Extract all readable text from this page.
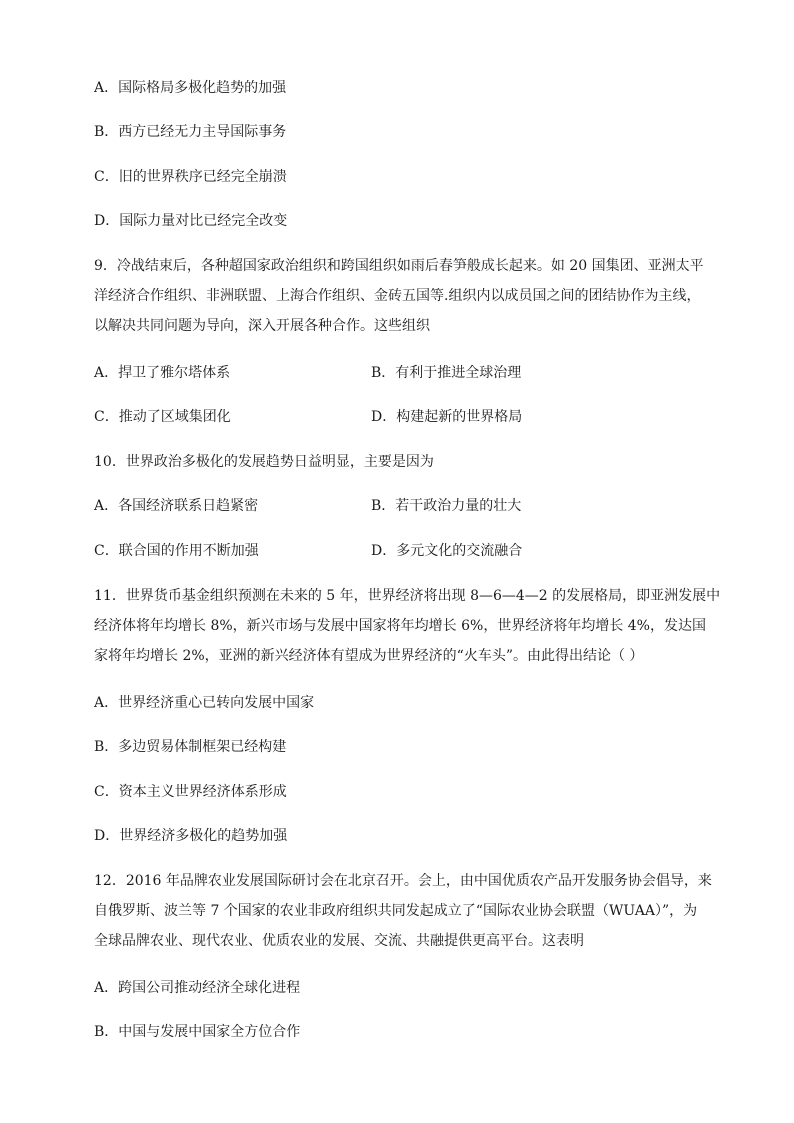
A．国际格局多极化趋势的加强
B．西方已经无力主导国际事务
C．旧的世界秩序已经完全崩溃
D．国际力量对比已经完全改变
9．冷战结束后，各种超国家政治组织和跨国组织如雨后春笋般成长起来。如 20 国集团、亚洲太平
洋经济合作组织、非洲联盟、上海合作组织、金砖五国等.组织内以成员国之间的团结协作为主线，
以解决共同问题为导向，深入开展各种合作。这些组织
A．捍卫了雅尔塔体系	B．有利于推进全球治理
C．推动了区域集团化	D．构建起新的世界格局
10．世界政治多极化的发展趋势日益明显，主要是因为
A．各国经济联系日趋紧密	B．若干政治力量的壮大
C．联合国的作用不断加强	D．多元文化的交流融合
11．世界货币基金组织预测在未来的 5 年，世界经济将出现 8—6—4—2 的发展格局，即亚洲发展中
经济体将年均增长 8%，新兴市场与发展中国家将年均增长 6%，世界经济将年均增长 4%，发达国
家将年均增长 2%，亚洲的新兴经济体有望成为世界经济的“火车头”。由此得出结论（ ）
A．世界经济重心已转向发展中国家
B．多边贸易体制框架已经构建
C．资本主义世界经济体系形成
D．世界经济多极化的趋势加强
12．2016 年品牌农业发展国际研讨会在北京召开。会上，由中国优质农产品开发服务协会倡导，来
自俄罗斯、波兰等 7 个国家的农业非政府组织共同发起成立了“国际农业协会联盟（WUAA）”，为
全球品牌农业、现代农业、优质农业的发展、交流、共融提供更高平台。这表明
A．跨国公司推动经济全球化进程
B．中国与发展中国家全方位合作
